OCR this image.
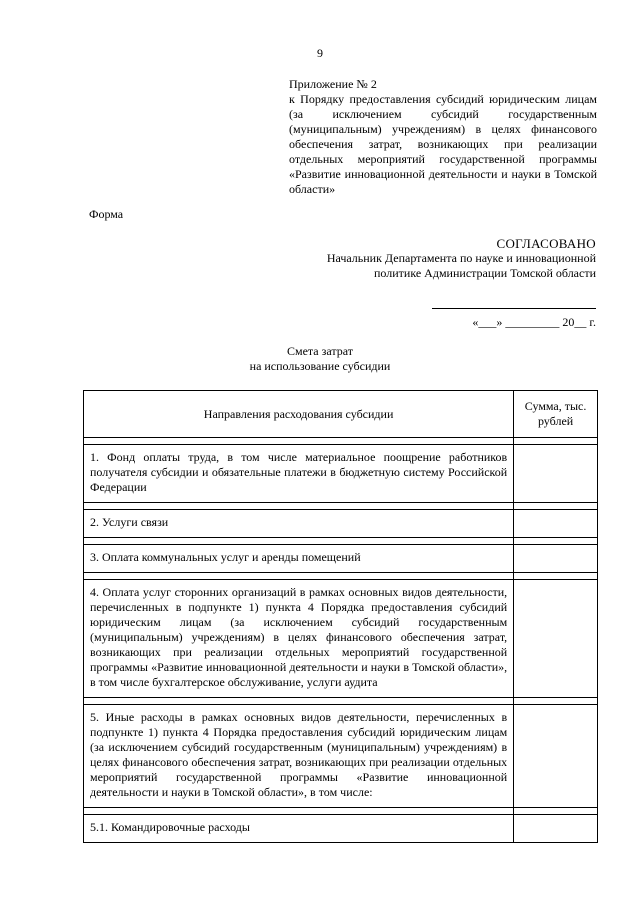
9
Приложение № 2
к Порядку предоставления субсидий юридическим лицам (за исключением субсидий государственным (муниципальным) учреждениям) в целях финансового обеспечения затрат, возникающих при реализации отдельных мероприятий государственной программы «Развитие инновационной деятельности и науки в Томской области»
Форма
СОГЛАСОВАНО
Начальник Департамента по науке и инновационной
политике Администрации Томской области
«___» _________ 20__ г.
Смета затрат
на использование субсидии
Направления расходования субсидии	Сумма, тыс. рублей

1. Фонд оплаты труда, в том числе материальное поощрение работников получателя субсидии и обязательные платежи в бюджетную систему Российской Федерации	

2. Услуги связи	

3. Оплата коммунальных услуг и аренды помещений	

4. Оплата услуг сторонних организаций в рамках основных видов деятельности, перечисленных в подпункте 1) пункта 4 Порядка предоставления субсидий юридическим лицам (за исключением субсидий государственным (муниципальным) учреждениям) в целях финансового обеспечения затрат, возникающих при реализации отдельных мероприятий государственной программы «Развитие инновационной деятельности и науки в Томской области», в том числе бухгалтерское обслуживание, услуги аудита	

5. Иные расходы в рамках основных видов деятельности, перечисленных в подпункте 1) пункта 4 Порядка предоставления субсидий юридическим лицам (за исключением субсидий государственным (муниципальным) учреждениям) в целях финансового обеспечения затрат, возникающих при реализации отдельных мероприятий государственной программы «Развитие инновационной деятельности и науки в Томской области», в том числе:	

5.1. Командировочные расходы	
